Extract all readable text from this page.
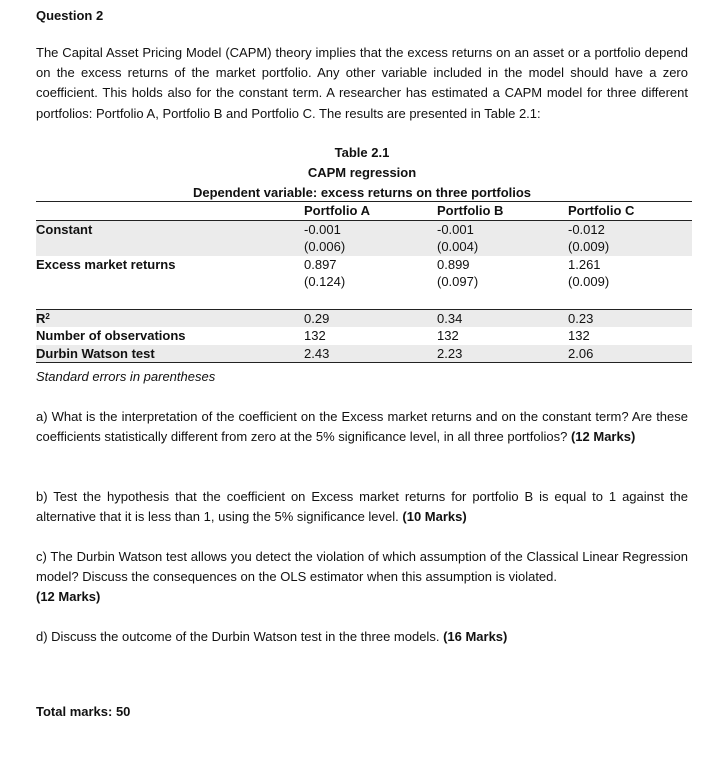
Question 2
The Capital Asset Pricing Model (CAPM) theory implies that the excess returns on an asset or a portfolio depend on the excess returns of the market portfolio. Any other variable included in the model should have a zero coefficient. This holds also for the constant term. A researcher has estimated a CAPM model for three different portfolios: Portfolio A, Portfolio B and Portfolio C. The results are presented in Table 2.1:
Table 2.1
CAPM regression
Dependent variable: excess returns on three portfolios
	Portfolio A	Portfolio B	Portfolio C
Constant	-0.001	-0.001	-0.012
	(0.006)	(0.004)	(0.009)
Excess market returns	0.897	0.899	1.261
	(0.124)	(0.097)	(0.009)

$R^2$	0.29	0.34	0.23
Number of observations	132	132	132
Durbin Watson test	2.43	2.23	2.06
Standard errors in parentheses
a) What is the interpretation of the coefficient on the Excess market returns and on the constant term? Are these coefficients statistically different from zero at the 5% significance level, in all three portfolios? (12 Marks)
b) Test the hypothesis that the coefficient on Excess market returns for portfolio B is equal to 1 against the alternative that it is less than 1, using the 5% significance level. (10 Marks)
c) The Durbin Watson test allows you detect the violation of which assumption of the Classical Linear Regression model? Discuss the consequences on the OLS estimator when this assumption is violated.
(12 Marks)
d) Discuss the outcome of the Durbin Watson test in the three models. (16 Marks)
Total marks: 50
